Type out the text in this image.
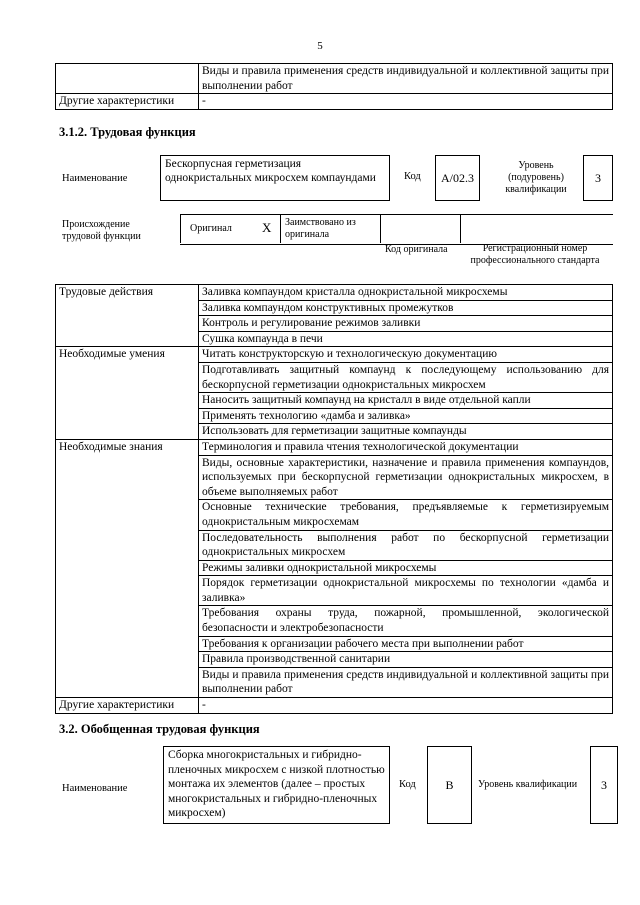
5
	Виды и правила применения средств индивидуальной и коллективной защиты при выполнении работ
Другие характеристики	-
3.1.2. Трудовая функция
Наименование
Бескорпусная герметизация однокристальных микросхем компаундами	Код	A/02.3
Уровень (подуровень) квалификации
3
Происхождение трудовой функции
Оригинал X Заимствовано из оригинала
Код оригинала	Регистрационный номер профессионального стандарта
Трудовые действия	Заливка компаундом кристалла однокристальной микросхемы
	Заливка компаундом конструктивных промежутков
	Контроль и регулирование режимов заливки
	Сушка компаунда в печи
Необходимые умения	Читать конструкторскую и технологическую документацию
	Подготавливать защитный компаунд к последующему использованию для бескорпусной герметизации однокристальных микросхем
	Наносить защитный компаунд на кристалл в виде отдельной капли
	Применять технологию «дамба и заливка»
	Использовать для герметизации защитные компаунды
Необходимые знания	Терминология и правила чтения технологической документации
	Виды, основные характеристики, назначение и правила применения компаундов, используемых при бескорпусной герметизации однокристальных микросхем, в объеме выполняемых работ
	Основные технические требования, предъявляемые к герметизируемым однокристальным микросхемам
	Последовательность выполнения работ по бескорпусной герметизации однокристальных микросхем
	Режимы заливки однокристальной микросхемы
	Порядок герметизации однокристальной микросхемы по технологии «дамба и заливка»
	Требования охраны труда, пожарной, промышленной, экологической безопасности и электробезопасности
	Требования к организации рабочего места при выполнении работ
	Правила производственной санитарии
	Виды и правила применения средств индивидуальной и коллективной защиты при выполнении работ
Другие характеристики	-
3.2. Обобщенная трудовая функция
Наименование
Сборка многокристальных и гибридно-пленочных микросхем с низкой плотностью монтажа их элементов (далее – простых многокристальных и гибридно-пленочных микросхем)
Код	B	Уровень квалификации	3
